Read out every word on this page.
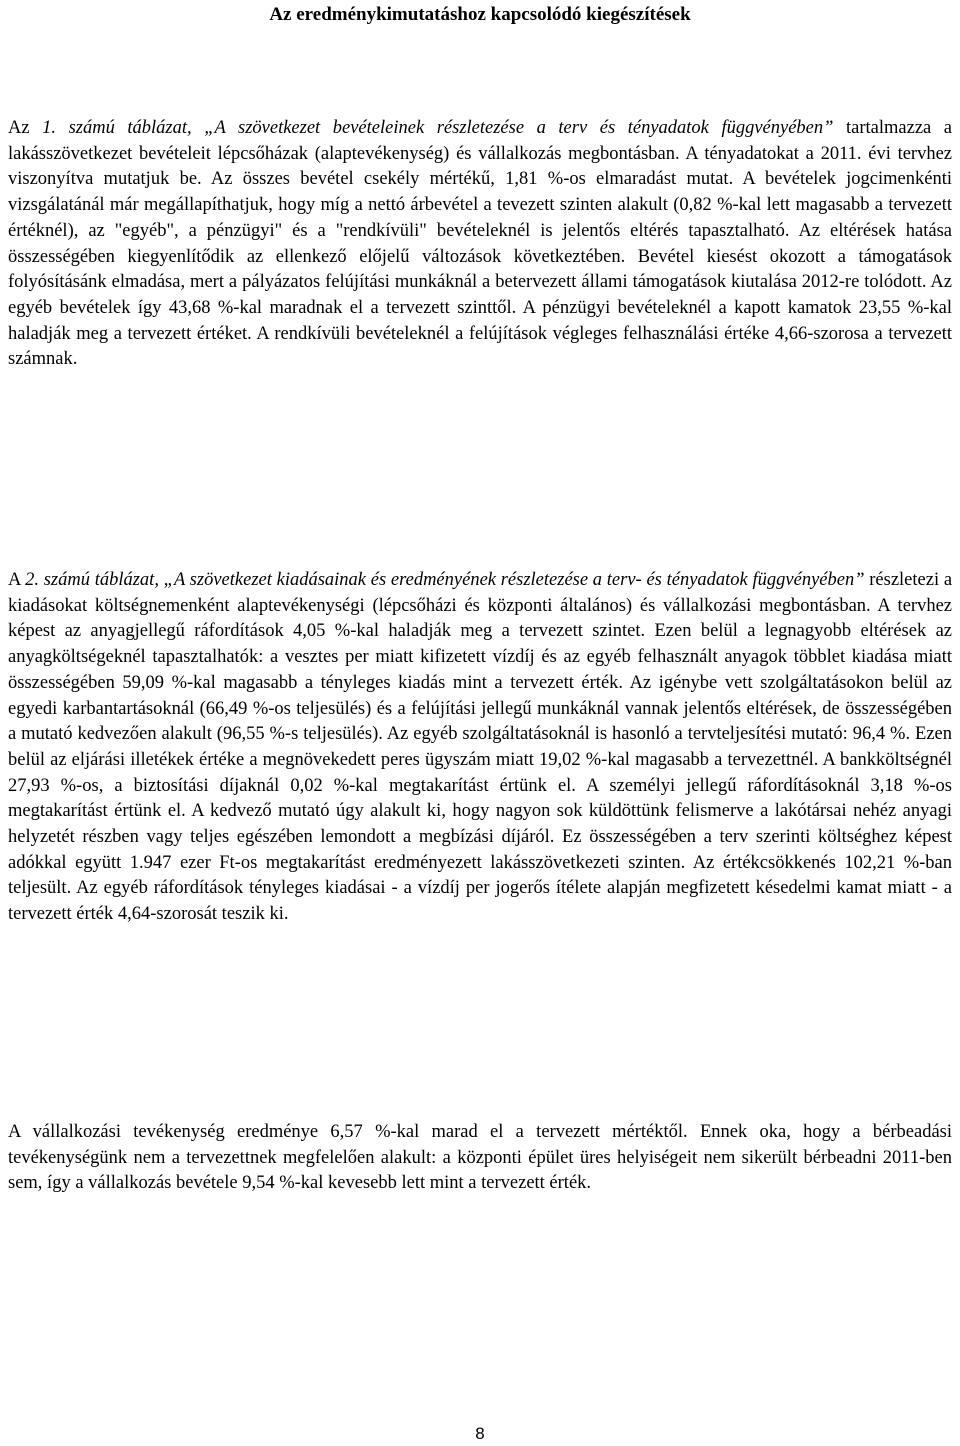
Az eredménykimutatáshoz kapcsolódó kiegészítések

Az 1. számú táblázat, „A szövetkezet bevételeinek részletezése a terv és tényadatok függvényében” tartalmazza a lakásszövetkezet bevételeit lépcsőházak (alaptevékenység) és vállalkozás megbontásban. A tényadatokat a 2011. évi tervhez viszonyítva mutatjuk be. Az összes bevétel csekély mértékű, 1,81 %-os elmaradást mutat. A bevételek jogcimenkénti vizsgálatánál már megállapíthatjuk, hogy míg a nettó árbevétel a tevezett szinten alakult (0,82 %-kal lett magasabb a tervezett értéknél), az "egyéb", a pénzügyi" és a "rendkívüli" bevételeknél is jelentős eltérés tapasztalható. Az eltérések hatása összességében kiegyenlítődik az ellenkező előjelű változások következtében. Bevétel kiesést okozott a támogatások folyósításánk elmadása, mert a pályázatos felújítási munkáknál a betervezett állami támogatások kiutalása 2012-re tolódott. Az egyéb bevételek így 43,68 %-kal maradnak el a tervezett szinttől. A pénzügyi bevételeknél a kapott kamatok 23,55 %-kal haladják meg a tervezett értéket. A rendkívüli bevételeknél a felújítások végleges felhasználási értéke 4,66-szorosa a tervezett számnak.

A 2. számú táblázat, „A szövetkezet kiadásainak és eredményének részletezése a terv- és tényadatok függvényében” részletezi a kiadásokat költségnemenként alaptevékenységi (lépcsőházi és központi általános) és vállalkozási megbontásban. A tervhez képest az anyagjellegű ráfordítások 4,05 %-kal haladják meg a tervezett szintet. Ezen belül a legnagyobb eltérések az anyagköltségeknél tapasztalhatók: a vesztes per miatt kifizetett vízdíj és az egyéb felhasznált anyagok többlet kiadása miatt összességében 59,09 %-kal magasabb a tényleges kiadás mint a tervezett érték. Az igénybe vett szolgáltatásokon belül az egyedi karbantartásoknál (66,49 %-os teljesülés) és a felújítási jellegű munkáknál vannak jelentős eltérések, de összességében a mutató kedvezően alakult (96,55 %-s teljesülés). Az egyéb szolgáltatásoknál is hasonló a tervteljesítési mutató: 96,4 %. Ezen belül az eljárási illetékek értéke a megnövekedett peres ügyszám miatt 19,02 %-kal magasabb a tervezettnél. A bankköltségnél 27,93 %-os, a biztosítási díjaknál 0,02 %-kal megtakarítást értünk el. A személyi jellegű ráfordításoknál 3,18 %-os megtakarítást értünk el. A kedvező mutató úgy alakult ki, hogy nagyon sok küldöttünk felismerve a lakótársai nehéz anyagi helyzetét részben vagy teljes egészében lemondott a megbízási díjáról. Ez összességében a terv szerinti költséghez képest adókkal együtt 1.947 ezer Ft-os megtakarítást eredményezett lakásszövetkezeti szinten. Az értékcsökkenés 102,21 %-ban teljesült. Az egyéb ráfordítások tényleges kiadásai - a vízdíj per jogerős ítélete alapján megfizetett késedelmi kamat miatt - a tervezett érték 4,64-szorosát teszik ki.

A vállalkozási tevékenység eredménye 6,57 %-kal marad el a tervezett mértéktől. Ennek oka, hogy a bérbeadási tevékenységünk nem a tervezettnek megfelelően alakult: a központi épület üres helyiségeit nem sikerült bérbeadni 2011-ben sem, így a vállalkozás bevétele 9,54 %-kal kevesebb lett mint a tervezett érték.

8
